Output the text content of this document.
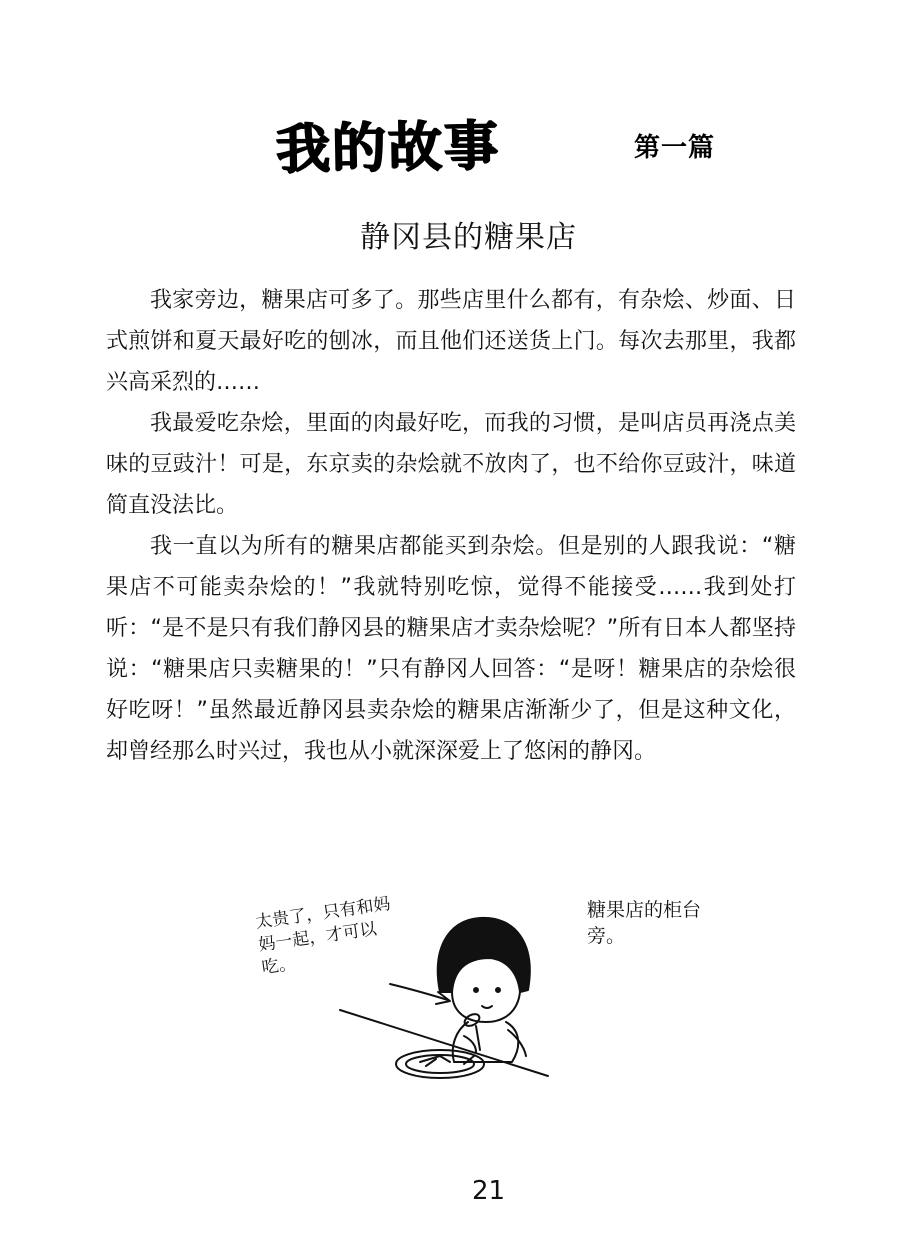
我的故事	第一篇
静冈县的糖果店

我家旁边，糖果店可多了。那些店里什么都有，有杂烩、炒面、日式煎饼和夏天最好吃的刨冰，而且他们还送货上门。每次去那里，我都兴高采烈的……

我最爱吃杂烩，里面的肉最好吃，而我的习惯，是叫店员再浇点美味的豆豉汁！可是，东京卖的杂烩就不放肉了，也不给你豆豉汁，味道简直没法比。

我一直以为所有的糖果店都能买到杂烩。但是别的人跟我说：“糖果店不可能卖杂烩的！”我就特别吃惊，觉得不能接受……我到处打听：“是不是只有我们静冈县的糖果店才卖杂烩呢？”所有日本人都坚持说：“糖果店只卖糖果的！”只有静冈人回答：“是呀！糖果店的杂烩很好吃呀！”虽然最近静冈县卖杂烩的糖果店渐渐少了，但是这种文化，却曾经那么时兴过，我也从小就深深爱上了悠闲的静冈。

糖果店的柜台旁。
太贵了，只有和妈妈一起，才可以吃。
21
